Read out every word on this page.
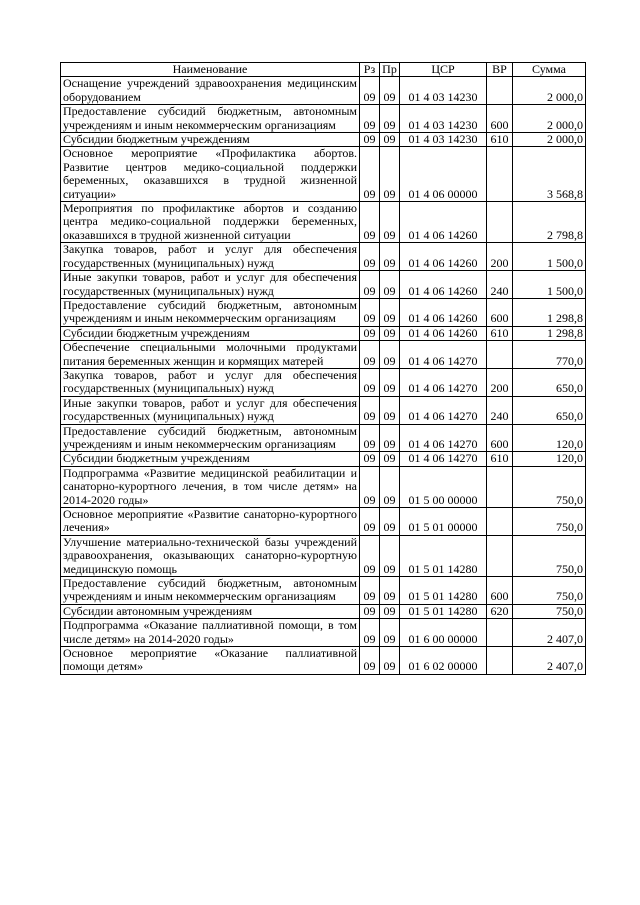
Наименование	Рз	Пр	ЦСР	ВР	Сумма
Оснащение учреждений здравоохранения медицинским оборудованием	09	09	01 4 03 14230		2 000,0
Предоставление субсидий бюджетным, автономным учреждениям и иным некоммерческим организациям	09	09	01 4 03 14230	600	2 000,0
Субсидии бюджетным учреждениям	09	09	01 4 03 14230	610	2 000,0
Основное мероприятие «Профилактика абортов. Развитие центров медико-социальной поддержки беременных, оказавшихся в трудной жизненной ситуации»	09	09	01 4 06 00000		3 568,8
Мероприятия по профилактике абортов и созданию центра медико-социальной поддержки беременных, оказавшихся в трудной жизненной ситуации	09	09	01 4 06 14260		2 798,8
Закупка товаров, работ и услуг для обеспечения государственных (муниципальных) нужд	09	09	01 4 06 14260	200	1 500,0
Иные закупки товаров, работ и услуг для обеспечения государственных (муниципальных) нужд	09	09	01 4 06 14260	240	1 500,0
Предоставление субсидий бюджетным, автономным учреждениям и иным некоммерческим организациям	09	09	01 4 06 14260	600	1 298,8
Субсидии бюджетным учреждениям	09	09	01 4 06 14260	610	1 298,8
Обеспечение специальными молочными продуктами питания беременных женщин и кормящих матерей	09	09	01 4 06 14270		770,0
Закупка товаров, работ и услуг для обеспечения государственных (муниципальных) нужд	09	09	01 4 06 14270	200	650,0
Иные закупки товаров, работ и услуг для обеспечения государственных (муниципальных) нужд	09	09	01 4 06 14270	240	650,0
Предоставление субсидий бюджетным, автономным учреждениям и иным некоммерческим организациям	09	09	01 4 06 14270	600	120,0
Субсидии бюджетным учреждениям	09	09	01 4 06 14270	610	120,0
Подпрограмма «Развитие медицинской реабилитации и санаторно-курортного лечения, в том числе детям» на 2014-2020 годы»	09	09	01 5 00 00000		750,0
Основное мероприятие «Развитие санаторно-курортного лечения»	09	09	01 5 01 00000		750,0
Улучшение материально-технической базы учреждений здравоохранения, оказывающих санаторно-курортную медицинскую помощь	09	09	01 5 01 14280		750,0
Предоставление субсидий бюджетным, автономным учреждениям и иным некоммерческим организациям	09	09	01 5 01 14280	600	750,0
Субсидии автономным учреждениям	09	09	01 5 01 14280	620	750,0
Подпрограмма «Оказание паллиативной помощи, в том числе детям» на 2014-2020 годы»	09	09	01 6 00 00000		2 407,0
Основное мероприятие «Оказание паллиативной помощи детям»	09	09	01 6 02 00000		2 407,0
